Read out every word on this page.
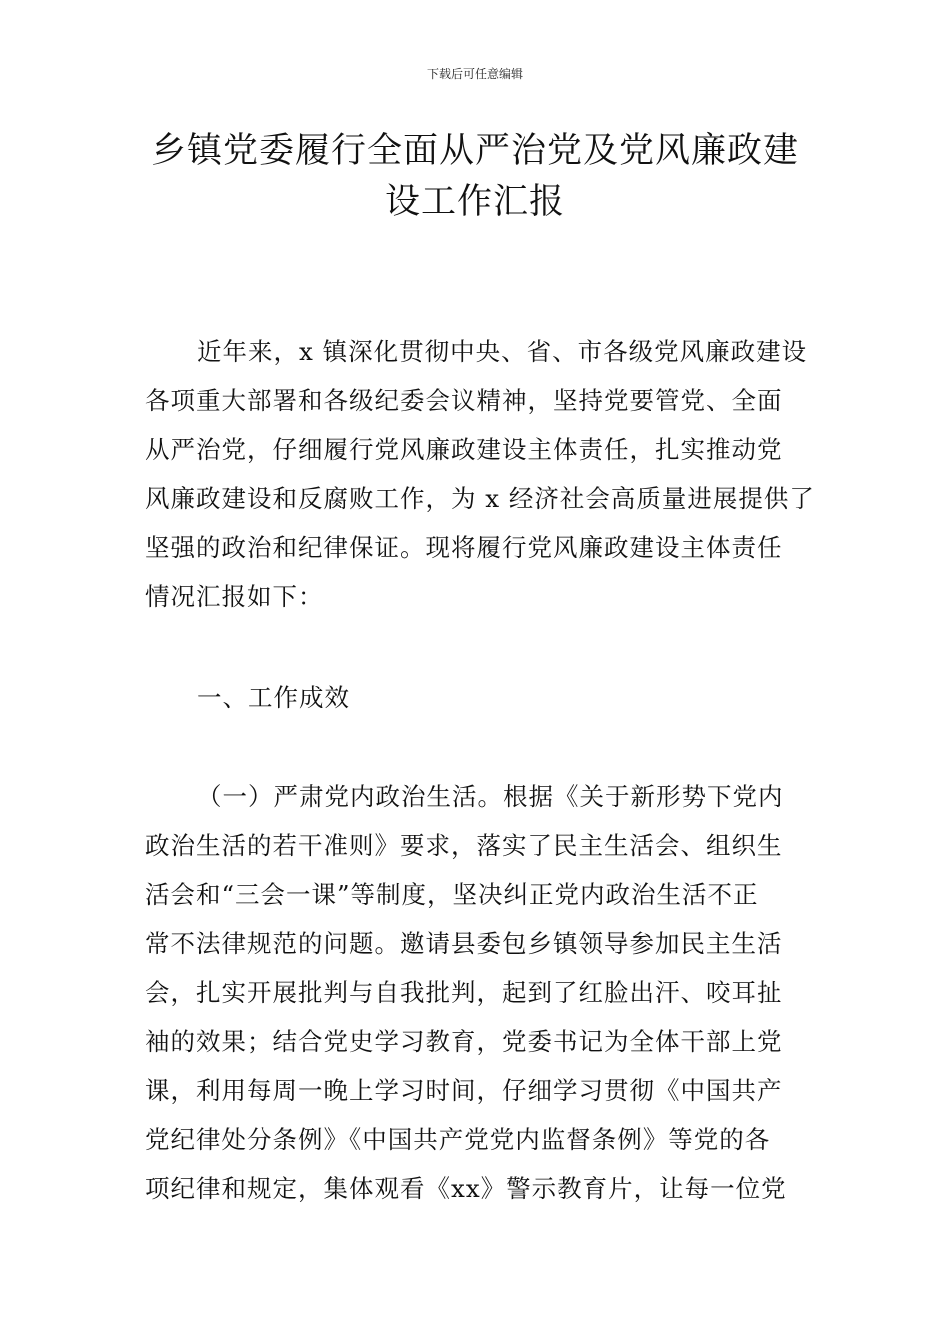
下载后可任意编辑
乡镇党委履行全面从严治党及党风廉政建
设工作汇报
近年来，x 镇深化贯彻中央、省、市各级党风廉政建设
各项重大部署和各级纪委会议精神，坚持党要管党、全面
从严治党，仔细履行党风廉政建设主体责任，扎实推动党
风廉政建设和反腐败工作，为 x 经济社会高质量进展提供了
坚强的政治和纪律保证。现将履行党风廉政建设主体责任
情况汇报如下：
一、工作成效
（一）严肃党内政治生活。根据《关于新形势下党内
政治生活的若干准则》要求，落实了民主生活会、组织生
活会和“三会一课”等制度，坚决纠正党内政治生活不正
常不法律规范的问题。邀请县委包乡镇领导参加民主生活
会，扎实开展批判与自我批判，起到了红脸出汗、咬耳扯
袖的效果；结合党史学习教育，党委书记为全体干部上党
课，利用每周一晚上学习时间，仔细学习贯彻《中国共产
党纪律处分条例》《中国共产党党内监督条例》等党的各
项纪律和规定，集体观看《xx》警示教育片，让每一位党
